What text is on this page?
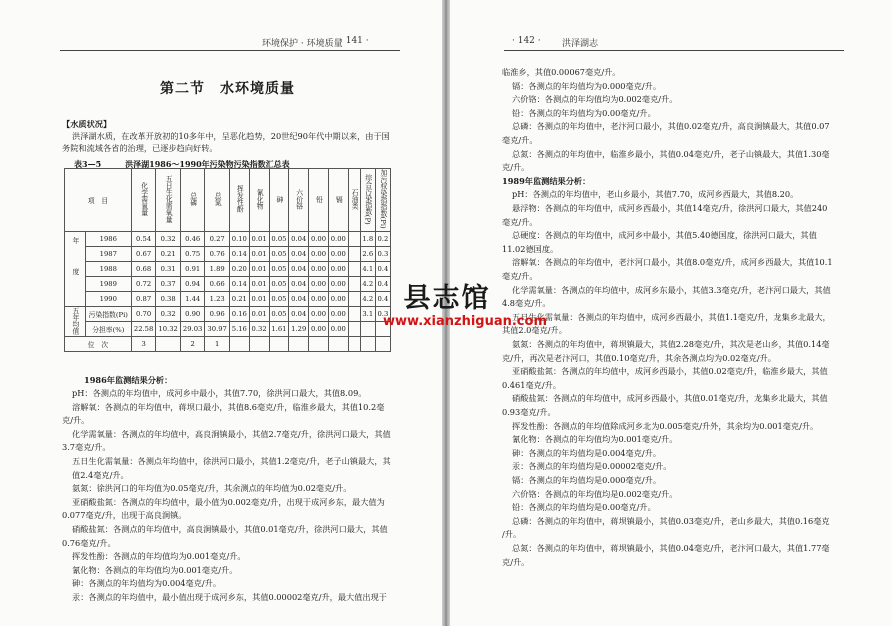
环境保护 · 环境质量
· 141 ·
第二节　水环境质量
【水质状况】
洪泽湖水质，在改革开放初的10多年中，呈恶化趋势，20世纪90年代中期以来，由于国
务院和流域各省的治理，已逐步趋向好转。
表3—5　　　洪泽湖1986～1990年污染物污染指数汇总表
项　目		化学需氧量	五日生化需氧量	总磷	总氮	挥发性酚	氰化物	砷	六价铬	铅	镉	石油类	综合污染指数(P)	加污权染指指数(Pi)
年度	1986	0.54	0.32	0.46	0.27	0.10	0.01	0.05	0.04	0.00	0.00		1.8	0.2
	1987	0.67	0.21	0.75	0.76	0.14	0.01	0.05	0.04	0.00	0.00		2.6	0.3
	1988	0.68	0.31	0.91	1.89	0.20	0.01	0.05	0.04	0.00	0.00		4.1	0.4
	1989	0.72	0.37	0.94	0.66	0.14	0.01	0.05	0.04	0.00	0.00		4.2	0.4
	1990	0.87	0.38	1.44	1.23	0.21	0.01	0.05	0.04	0.00	0.00		4.2	0.4
五年均值	污染指数(Pi)	0.70	0.32	0.90	0.96	0.16	0.01	0.05	0.04	0.00	0.00		3.1	0.3
	分担率(%)	22.58	10.32	29.03	30.97	5.16	0.32	1.61	1.29	0.00	0.00			
位　次		3		2	1									
1986年监测结果分析：
pH：各测点的年均值中，成河乡中最小，其值7.70，徐洪河口最大，其值8.09。
溶解氧：各测点的年均值中，蒋坝口最小，其值8.6毫克/升，临淮乡最大，其值10.2毫
克/升。
化学需氧量：各测点的年均值中，高良涧镇最小，其值2.7毫克/升，徐洪河口最大，其值
3.7毫克/升。
五日生化需氧量：各测点年均值中，徐洪河口最小，其值1.2毫克/升，老子山镇最大，其
值2.4毫克/升。
氨氮：徐洪河口的年均值为0.05毫克/升，其余测点的年均值为0.02毫克/升。
亚硝酸盐氮：各测点的年均值中，最小值为0.002毫克/升，出现于成河乡东，最大值为
0.077毫克/升，出现于高良涧镇。
硝酸盐氮：各测点的年均值中，高良涧镇最小，其值0.01毫克/升，徐洪河口最大，其值
0.76毫克/升。
挥发性酚：各测点的年均值均为0.001毫克/升。
氰化物：各测点的年均值均为0.001毫克/升。
砷：各测点的年均值均为0.004毫克/升。
汞：各测点的年均值中，最小值出现于成河乡东，其值0.00002毫克/升，最大值出现于
· 142 · 洪泽湖志
临淮乡，其值0.00067毫克/升。
镉：各测点的年均值均为0.000毫克/升。
六价铬：各测点的年均值均为0.002毫克/升。
铅：各测点的年均值均为0.00毫克/升。
总磷：各测点的年均值中，老汴河口最小，其值0.02毫克/升，高良涧镇最大，其值0.07
毫克/升。
总氮：各测点的年均值中，临淮乡最小，其值0.04毫克/升，老子山镇最大，其值1.30毫
克/升。
1989年监测结果分析：
pH：各测点的年均值中，老山乡最小，其值7.70，成河乡西最大，其值8.20。
悬浮物：各测点的年均值中，成河乡西最小，其值14毫克/升，徐洪河口最大，其值240
毫克/升。
总硬度：各测点的年均值中，成河乡中最小，其值5.40德国度，徐洪河口最大，其值
11.02德国度。
溶解氧：各测点的年均值中，老汴河口最小，其值8.0毫克/升，成河乡西最大，其值10.1
毫克/升。
化学需氧量：各测点的年均值中，成河乡东最小，其值3.3毫克/升，老汴河口最大，其值
4.8毫克/升。
五日生化需氧量：各测点的年均值中，成河乡西最小，其值1.1毫克/升，龙集乡北最大，
其值2.0毫克/升。
氨氮：各测点的年均值中，蒋坝镇最大，其值2.28毫克/升，其次是老山乡，其值0.14毫
克/升，再次是老汴河口，其值0.10毫克/升，其余各测点均为0.02毫克/升。
亚硝酸盐氮：各测点的年均值中，成河乡西最小，其值0.02毫克/升，临淮乡最大，其值
0.461毫克/升。
硝酸盐氮：各测点的年均值中，成河乡西最小，其值0.01毫克/升，龙集乡北最大，其值
0.93毫克/升。
挥发性酚：各测点的年均值除成河乡北为0.005毫克/升外，其余均为0.001毫克/升。
氰化物：各测点的年均值均为0.001毫克/升。
砷：各测点的年均值均是0.004毫克/升。
汞：各测点的年均值均是0.00002毫克/升。
镉：各测点的年均值均是0.000毫克/升。
六价铬：各测点的年均值均是0.002毫克/升。
铅：各测点的年均值均是0.00毫克/升。
总磷：各测点的年均值中，蒋坝镇最小，其值0.03毫克/升，老山乡最大，其值0.16毫克
/升。
总氮：各测点的年均值中，蒋坝镇最小，其值0.04毫克/升，老汴河口最大，其值1.77毫
克/升。
县志馆
www.xianzhiguan.com
